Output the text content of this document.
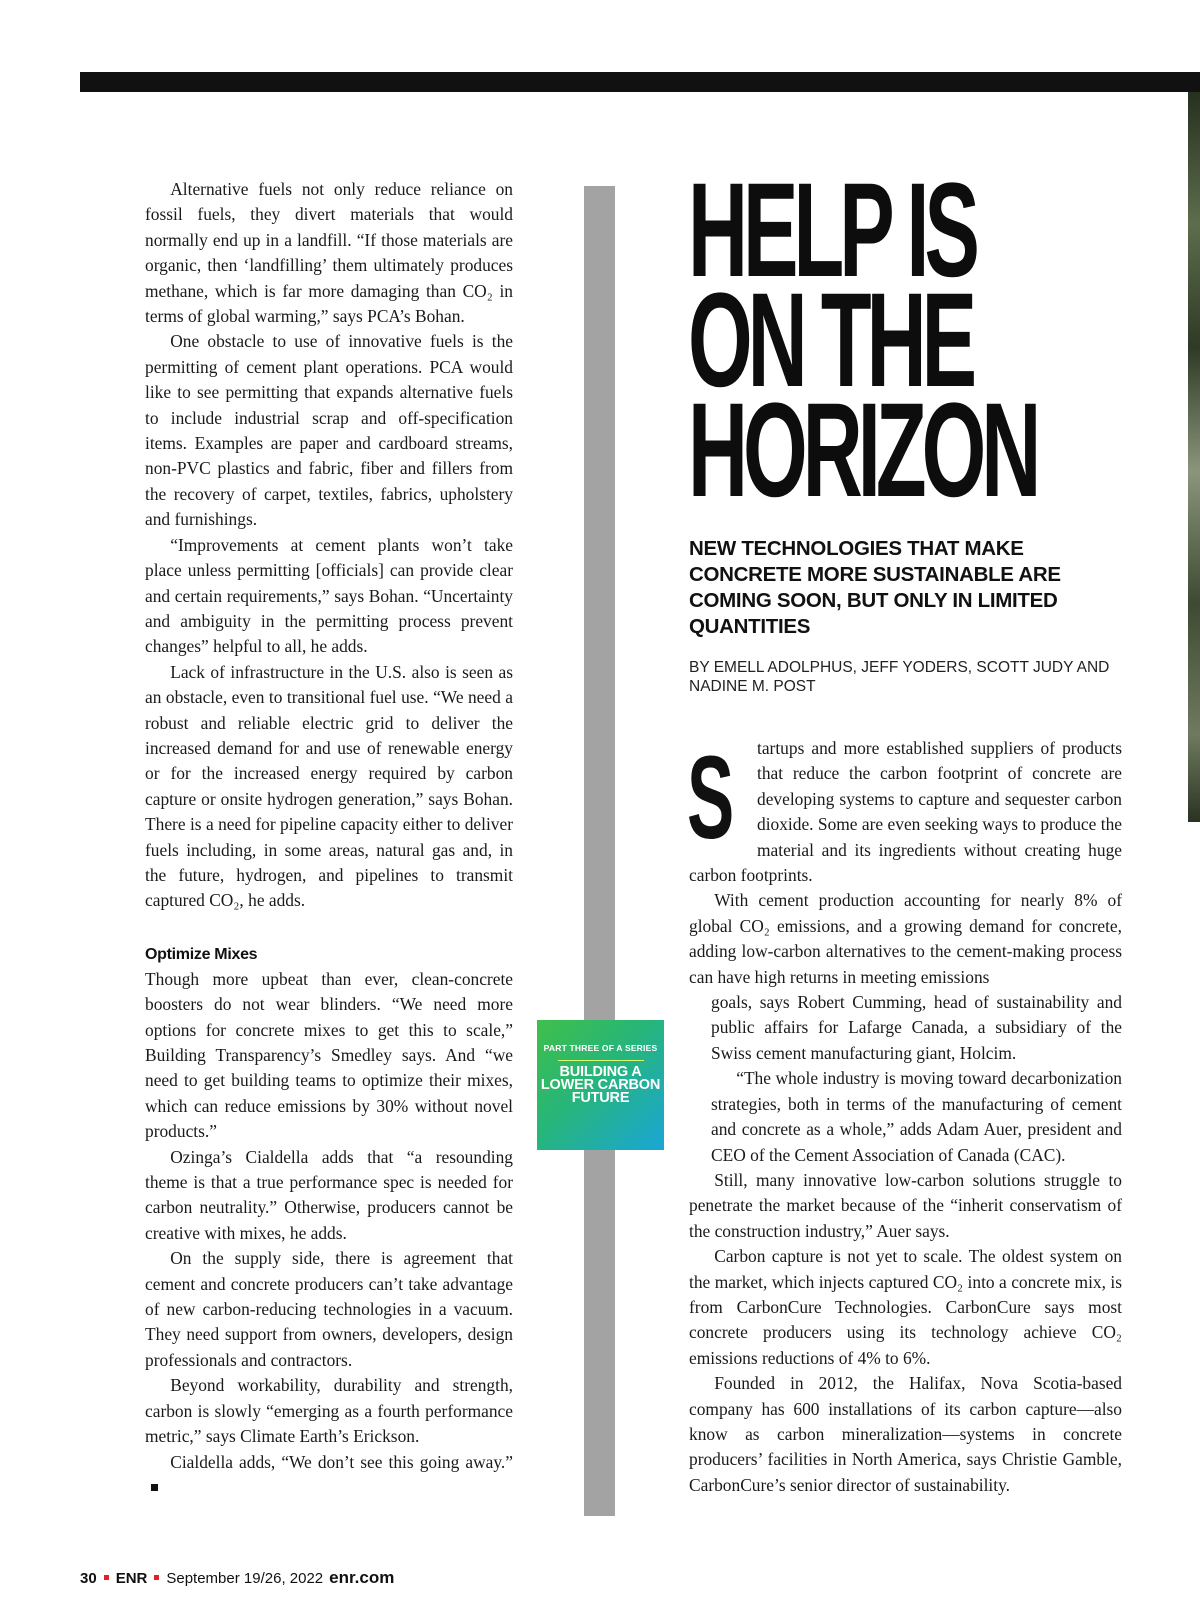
Alternative fuels not only reduce reliance on fossil fuels, they divert materials that would normally end up in a landfill. “If those materials are organic, then ‘landfilling’ them ultimately produces methane, which is far more damaging than CO₂ in terms of global warming,” says PCA’s Bohan.

One obstacle to use of innovative fuels is the permitting of cement plant operations. PCA would like to see permitting that expands alternative fuels to include industrial scrap and off-specification items. Examples are paper and cardboard streams, non-PVC plastics and fabric, fiber and fillers from the recovery of carpet, textiles, fabrics, upholstery and furnishings.

“Improvements at cement plants won’t take place unless permitting [officials] can provide clear and certain requirements,” says Bohan. “Uncertainty and ambiguity in the permitting process prevent changes” helpful to all, he adds.

Lack of infrastructure in the U.S. also is seen as an obstacle, even to transitional fuel use. “We need a robust and reliable electric grid to deliver the increased demand for and use of renewable energy or for the increased energy required by carbon capture or onsite hydrogen generation,” says Bohan. There is a need for pipeline capacity either to deliver fuels including, in some areas, natural gas and, in the future, hydrogen, and pipelines to transmit captured CO₂, he adds.

Optimize Mixes

Though more upbeat than ever, clean-concrete boosters do not wear blinders. “We need more options for concrete mixes to get this to scale,” Building Transparency’s Smedley says. And “we need to get building teams to optimize their mixes, which can reduce emissions by 30% without novel products.”

Ozinga’s Cialdella adds that “a resounding theme is that a true performance spec is needed for carbon neutrality.” Otherwise, producers cannot be creative with mixes, he adds.

On the supply side, there is agreement that cement and concrete producers can’t take advantage of new carbon-reducing technologies in a vacuum. They need support from owners, developers, design professionals and contractors.

Beyond workability, durability and strength, carbon is slowly “emerging as a fourth performance metric,” says Climate Earth’s Erickson.

Cialdella adds, “We don’t see this going away.”

PART THREE OF A SERIES
BUILDING A LOWER CARBON FUTURE
HELP IS
ON THE
HORIZON

NEW TECHNOLOGIES THAT MAKE CONCRETE MORE SUSTAINABLE ARE COMING SOON, BUT ONLY IN LIMITED QUANTITIES

BY EMELL ADOLPHUS, JEFF YODERS, SCOTT JUDY AND NADINE M. POST

S tartups and more established suppliers of products that reduce the carbon footprint of concrete are developing systems to capture and sequester carbon dioxide. Some are even seeking ways to produce the material and its ingredients without creating huge carbon footprints.

With cement production accounting for nearly 8% of global CO₂ emissions, and a growing demand for concrete, adding low-carbon alternatives to the cement-making process can have high returns in meeting emissions

goals, says Robert Cumming, head of sustainability and public affairs for Lafarge Canada, a subsidiary of the Swiss cement manufacturing giant, Holcim.

“The whole industry is moving toward decarbonization strategies, both in terms of the manufacturing of cement and concrete as a whole,” adds Adam Auer, president and CEO of the Cement Association of Canada (CAC).

Still, many innovative low-carbon solutions struggle to penetrate the market because of the “inherit conservatism of the construction industry,” Auer says.

Carbon capture is not yet to scale. The oldest system on the market, which injects captured CO₂ into a concrete mix, is from CarbonCure Technologies. CarbonCure says most concrete producers using its technology achieve CO₂ emissions reductions of 4% to 6%.

Founded in 2012, the Halifax, Nova Scotia-based company has 600 installations of its carbon capture—also know as carbon mineralization—systems in concrete producers’ facilities in North America, says Christie Gamble, CarbonCure’s senior director of sustainability.

30 ENR September 19/26, 2022 enr.com
